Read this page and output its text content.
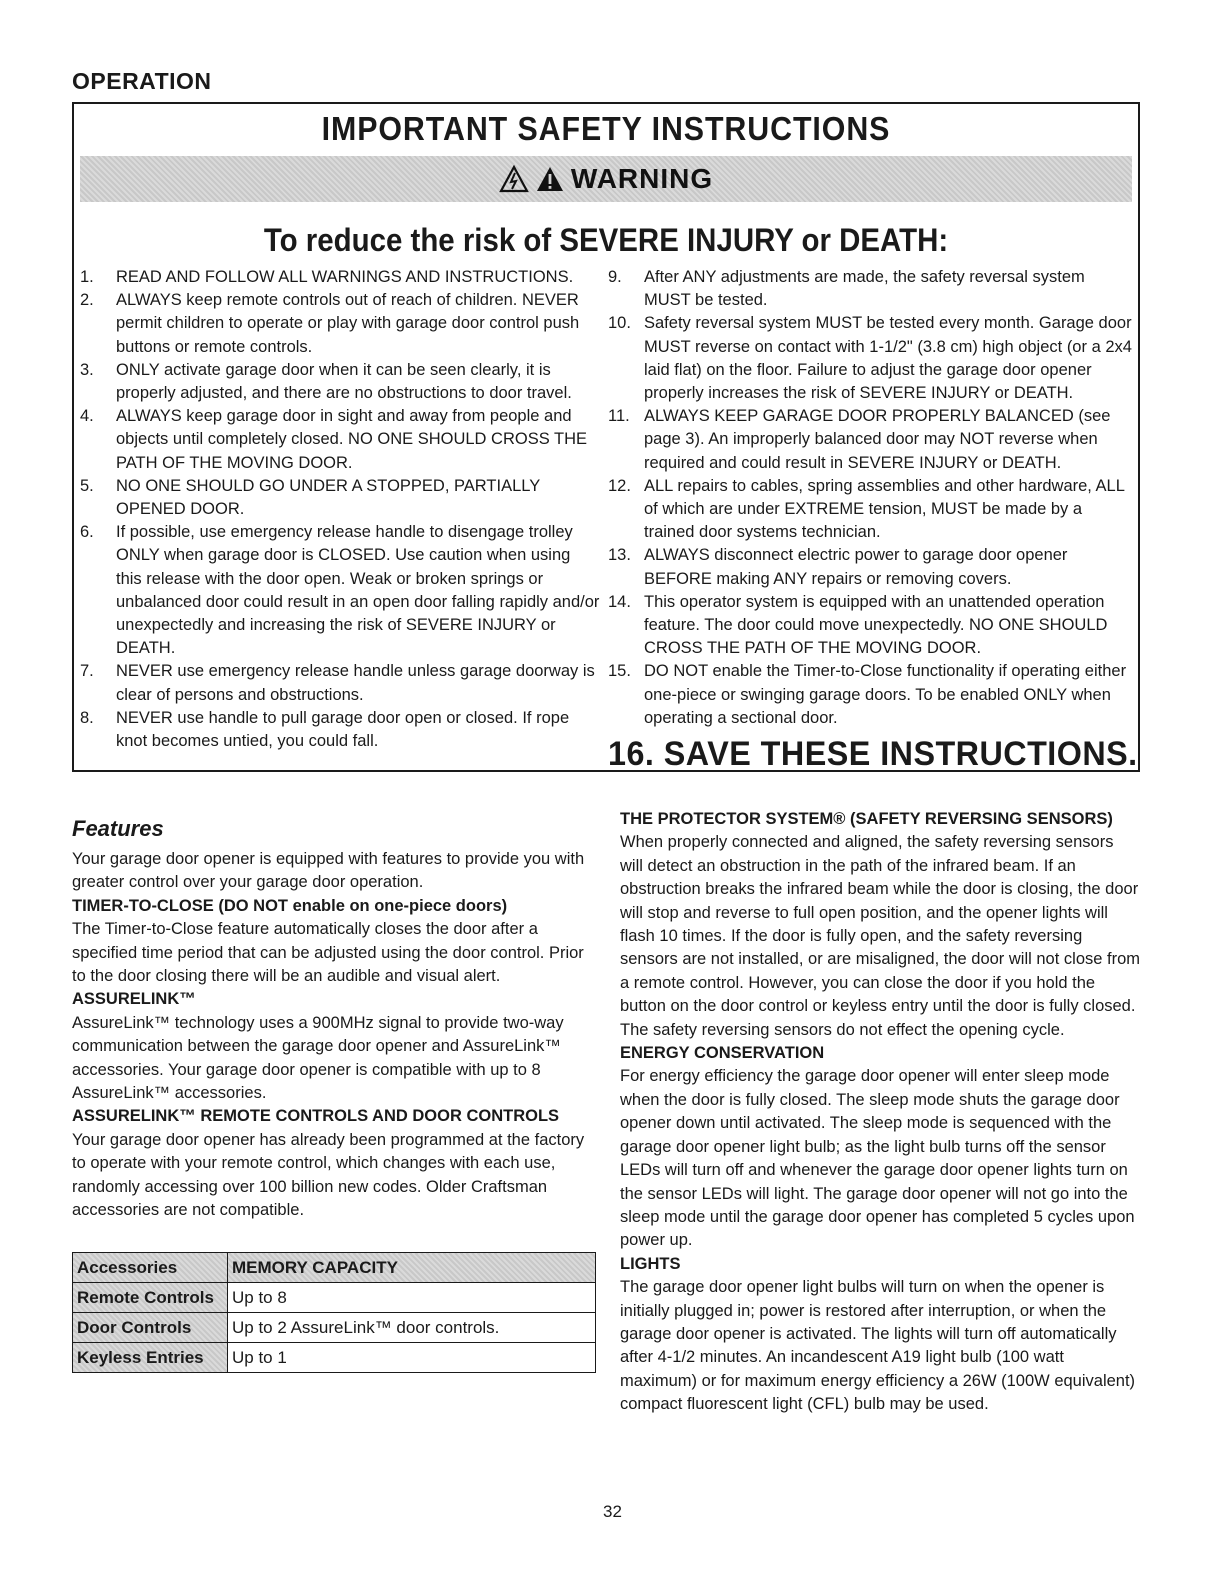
OPERATION
IMPORTANT SAFETY INSTRUCTIONS
WARNING
To reduce the risk of SEVERE INJURY or DEATH:
1. READ AND FOLLOW ALL WARNINGS AND INSTRUCTIONS.
2. ALWAYS keep remote controls out of reach of children. NEVER permit children to operate or play with garage door control push buttons or remote controls.
3. ONLY activate garage door when it can be seen clearly, it is properly adjusted, and there are no obstructions to door travel.
4. ALWAYS keep garage door in sight and away from people and objects until completely closed. NO ONE SHOULD CROSS THE PATH OF THE MOVING DOOR.
5. NO ONE SHOULD GO UNDER A STOPPED, PARTIALLY OPENED DOOR.
6. If possible, use emergency release handle to disengage trolley ONLY when garage door is CLOSED. Use caution when using this release with the door open. Weak or broken springs or unbalanced door could result in an open door falling rapidly and/or unexpectedly and increasing the risk of SEVERE INJURY or DEATH.
7. NEVER use emergency release handle unless garage doorway is clear of persons and obstructions.
8. NEVER use handle to pull garage door open or closed. If rope knot becomes untied, you could fall.
9. After ANY adjustments are made, the safety reversal system MUST be tested.
10. Safety reversal system MUST be tested every month. Garage door MUST reverse on contact with 1-1/2" (3.8 cm) high object (or a 2x4 laid flat) on the floor. Failure to adjust the garage door opener properly increases the risk of SEVERE INJURY or DEATH.
11. ALWAYS KEEP GARAGE DOOR PROPERLY BALANCED (see page 3). An improperly balanced door may NOT reverse when required and could result in SEVERE INJURY or DEATH.
12. ALL repairs to cables, spring assemblies and other hardware, ALL of which are under EXTREME tension, MUST be made by a trained door systems technician.
13. ALWAYS disconnect electric power to garage door opener BEFORE making ANY repairs or removing covers.
14. This operator system is equipped with an unattended operation feature. The door could move unexpectedly. NO ONE SHOULD CROSS THE PATH OF THE MOVING DOOR.
15. DO NOT enable the Timer-to-Close functionality if operating either one-piece or swinging garage doors. To be enabled ONLY when operating a sectional door.
16. SAVE THESE INSTRUCTIONS.
Features

Your garage door opener is equipped with features to provide you with greater control over your garage door operation.

TIMER-TO-CLOSE (DO NOT enable on one-piece doors)

The Timer-to-Close feature automatically closes the door after a specified time period that can be adjusted using the door control. Prior to the door closing there will be an audible and visual alert.

ASSURELINK™

AssureLink™ technology uses a 900MHz signal to provide two-way communication between the garage door opener and AssureLink™ accessories. Your garage door opener is compatible with up to 8 AssureLink™ accessories.

ASSURELINK™ REMOTE CONTROLS AND DOOR CONTROLS

Your garage door opener has already been programmed at the factory to operate with your remote control, which changes with each use, randomly accessing over 100 billion new codes. Older Craftsman accessories are not compatible.

Accessories	MEMORY CAPACITY
Remote Controls	Up to 8
Door Controls	Up to 2 AssureLink™ door controls.
Keyless Entries	Up to 1

THE PROTECTOR SYSTEM® (SAFETY REVERSING SENSORS)

When properly connected and aligned, the safety reversing sensors will detect an obstruction in the path of the infrared beam. If an obstruction breaks the infrared beam while the door is closing, the door will stop and reverse to full open position, and the opener lights will flash 10 times. If the door is fully open, and the safety reversing sensors are not installed, or are misaligned, the door will not close from a remote control. However, you can close the door if you hold the button on the door control or keyless entry until the door is fully closed. The safety reversing sensors do not effect the opening cycle.

ENERGY CONSERVATION

For energy efficiency the garage door opener will enter sleep mode when the door is fully closed. The sleep mode shuts the garage door opener down until activated. The sleep mode is sequenced with the garage door opener light bulb; as the light bulb turns off the sensor LEDs will turn off and whenever the garage door opener lights turn on the sensor LEDs will light. The garage door opener will not go into the sleep mode until the garage door opener has completed 5 cycles upon power up.

LIGHTS

The garage door opener light bulbs will turn on when the opener is initially plugged in; power is restored after interruption, or when the garage door opener is activated. The lights will turn off automatically after 4-1/2 minutes. An incandescent A19 light bulb (100 watt maximum) or for maximum energy efficiency a 26W (100W equivalent) compact fluorescent light (CFL) bulb may be used.

32
